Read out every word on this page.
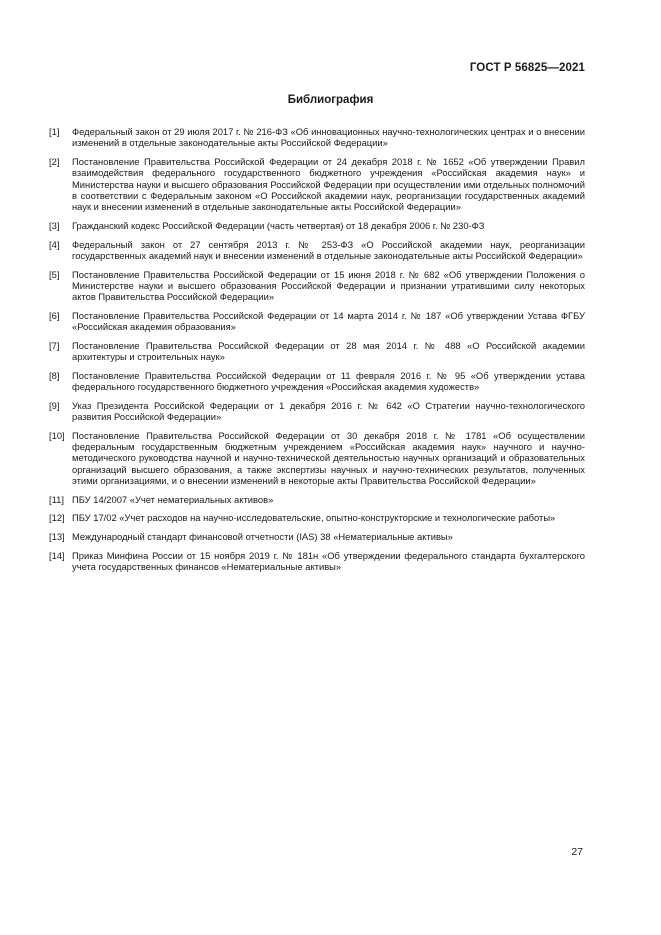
ГОСТ Р 56825—2021
Библиография
[1]	Федеральный закон от 29 июля 2017 г. № 216-ФЗ «Об инновационных научно-технологических центрах и о внесении изменений в отдельные законодательные акты Российской Федерации»
[2]	Постановление Правительства Российской Федерации от 24 декабря 2018 г. № 1652 «Об утверждении Правил взаимодействия федерального государственного бюджетного учреждения «Российская академия наук» и Министерства науки и высшего образования Российской Федерации при осуществлении ими отдельных полномочий в соответствии с Федеральным законом «О Российской академии наук, реорганизации государственных академий наук и внесении изменений в отдельные законодательные акты Российской Федерации»
[3]	Гражданский кодекс Российской Федерации (часть четвертая) от 18 декабря 2006 г. № 230-ФЗ
[4]	Федеральный закон от 27 сентября 2013 г. № 253-ФЗ «О Российской академии наук, реорганизации государственных академий наук и внесении изменений в отдельные законодательные акты Российской Федерации»
[5]	Постановление Правительства Российской Федерации от 15 июня 2018 г. № 682 «Об утверждении Положения о Министерстве науки и высшего образования Российской Федерации и признании утратившими силу некоторых актов Правительства Российской Федерации»
[6]	Постановление Правительства Российской Федерации от 14 марта 2014 г. № 187 «Об утверждении Устава ФГБУ «Российская академия образования»
[7]	Постановление Правительства Российской Федерации от 28 мая 2014 г. № 488 «О Российской академии архитектуры и строительных наук»
[8]	Постановление Правительства Российской Федерации от 11 февраля 2016 г. № 95 «Об утверждении устава федерального государственного бюджетного учреждения «Российская академия художеств»
[9]	Указ Президента Российской Федерации от 1 декабря 2016 г. № 642 «О Стратегии научно-технологического развития Российской Федерации»
[10] Постановление Правительства Российской Федерации от 30 декабря 2018 г. № 1781 «Об осуществлении федеральным государственным бюджетным учреждением «Российская академия наук» научного и научно-методического руководства научной и научно-технической деятельностью научных организаций и образовательных организаций высшего образования, а также экспертизы научных и научно-технических результатов, полученных этими организациями, и о внесении изменений в некоторые акты Правительства Российской Федерации»
[11] ПБУ 14/2007 «Учет нематериальных активов»
[12] ПБУ 17/02 «Учет расходов на научно-исследовательские, опытно-конструкторские и технологические работы»
[13] Международный стандарт финансовой отчетности (IAS) 38 «Нематериальные активы»
[14] Приказ Минфина России от 15 ноября 2019 г. № 181н «Об утверждении федерального стандарта бухгалтерского учета государственных финансов «Нематериальные активы»
27
